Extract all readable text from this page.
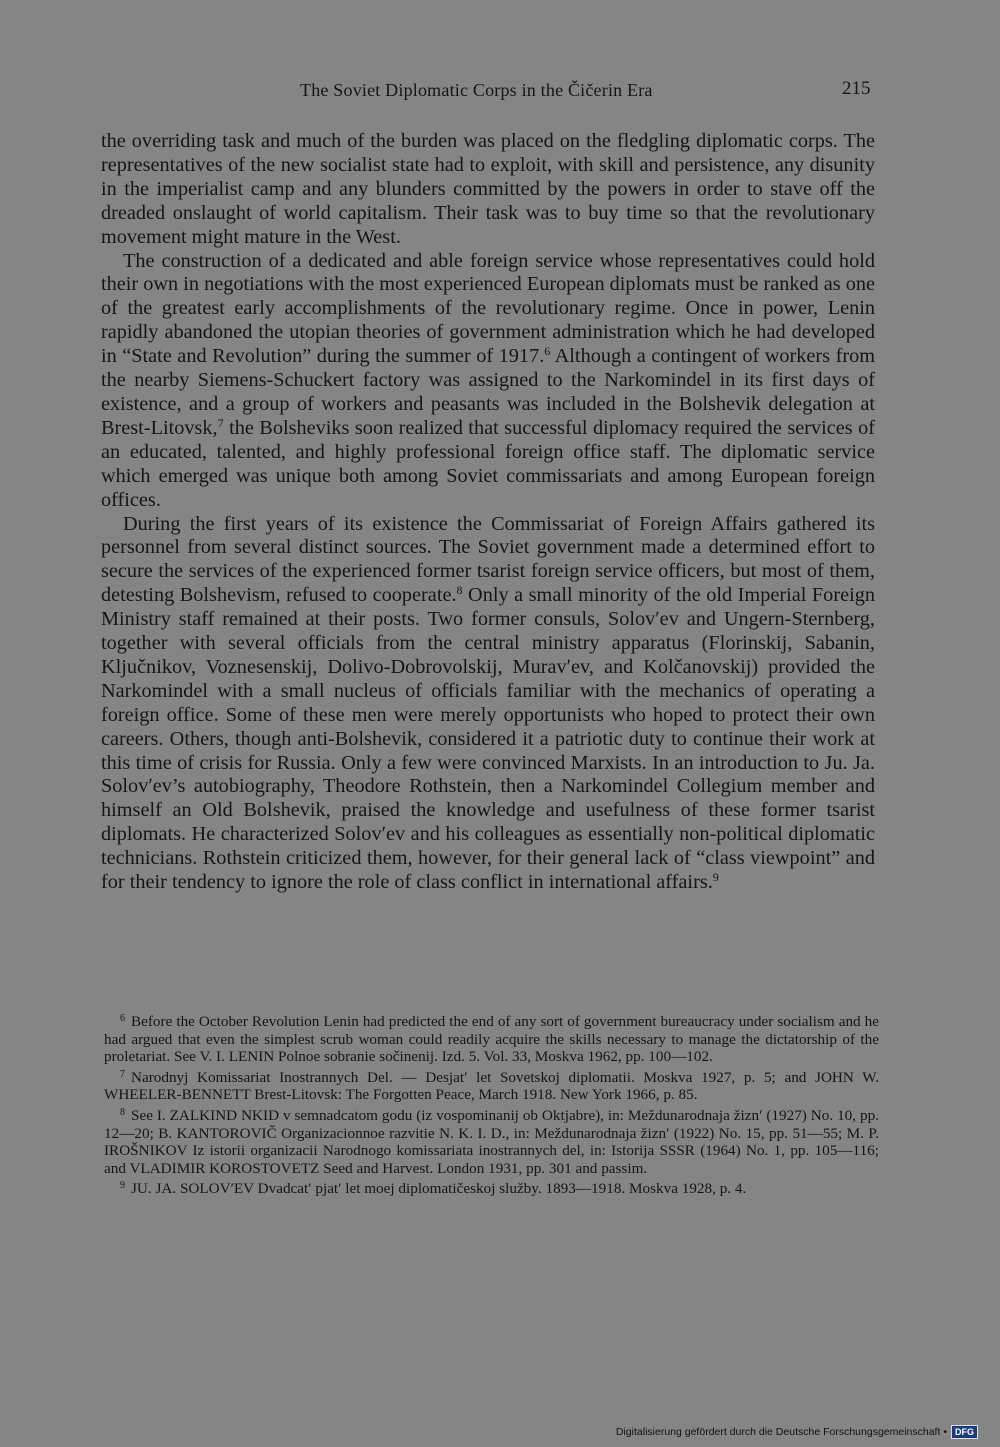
The Soviet Diplomatic Corps in the Čičerin Era	215

the overriding task and much of the burden was placed on the fledgling diplomatic corps. The representatives of the new socialist state had to exploit, with skill and persistence, any disunity in the imperialist camp and any blunders committed by the powers in order to stave off the dreaded onslaught of world capitalism. Their task was to buy time so that the revolutionary movement might mature in the West.

The construction of a dedicated and able foreign service whose representatives could hold their own in negotiations with the most experienced European diplomats must be ranked as one of the greatest early accomplishments of the revolutionary regime. Once in power, Lenin rapidly abandoned the utopian theories of government administration which he had developed in “State and Revolution” during the summer of 1917.$^6$ Although a contingent of workers from the nearby Siemens-Schuckert factory was assigned to the Narkomindel in its first days of existence, and a group of workers and peasants was included in the Bolshevik delegation at Brest-Litovsk,$^7$ the Bolsheviks soon realized that successful diplomacy required the services of an educated, talented, and highly professional foreign office staff. The diplomatic service which emerged was unique both among Soviet commissariats and among European foreign offices.

During the first years of its existence the Commissariat of Foreign Affairs gathered its personnel from several distinct sources. The Soviet government made a determined effort to secure the services of the experienced former tsarist foreign service officers, but most of them, detesting Bolshevism, refused to cooperate.$^8$ Only a small minority of the old Imperial Foreign Ministry staff remained at their posts. Two former consuls, Solovʹev and Ungern-Sternberg, together with several officials from the central ministry apparatus (Florinskij, Sabanin, Ključnikov, Voznesenskij, Dolivo-Dobrovolskij, Muravʹev, and Kolčanovskij) provided the Narkomindel with a small nucleus of officials familiar with the mechanics of operating a foreign office. Some of these men were merely opportunists who hoped to protect their own careers. Others, though anti-Bolshevik, considered it a patriotic duty to continue their work at this time of crisis for Russia. Only a few were convinced Marxists. In an introduction to Ju. Ja. Solovʹev’s autobiography, Theodore Rothstein, then a Narkomindel Collegium member and himself an Old Bolshevik, praised the knowledge and usefulness of these former tsarist diplomats. He characterized Solovʹev and his colleagues as essentially non-political diplomatic technicians. Rothstein criticized them, however, for their general lack of “class viewpoint” and for their tendency to ignore the role of class conflict in international affairs.$^9$

$^6$ Before the October Revolution Lenin had predicted the end of any sort of government bureaucracy under socialism and he had argued that even the simplest scrub woman could readily acquire the skills necessary to manage the dictatorship of the proletariat. See V. I. LENIN Polnoe sobranie sočinenij. Izd. 5. Vol. 33, Moskva 1962, pp. 100—102.

$^7$ Narodnyj Komissariat Inostrannych Del. — Desjatʹ let Sovetskoj diplomatii. Moskva 1927, p. 5; and JOHN W. WHEELER-BENNETT Brest-Litovsk: The Forgotten Peace, March 1918. New York 1966, p. 85.

$^8$ See I. ZALKIND NKID v semnadcatom godu (iz vospominanij ob Oktjabre), in: Meždunarodnaja žiznʹ (1927) No. 10, pp. 12—20; B. KANTOROVIČ Organizacionnoe razvitie N. K. I. D., in: Meždunarodnaja žiznʹ (1922) No. 15, pp. 51—55; M. P. IROŠNIKOV Iz istorii organizacii Narodnogo komissariata inostrannych del, in: Istorija SSSR (1964) No. 1, pp. 105—116; and VLADIMIR KOROSTOVETZ Seed and Harvest. London 1931, pp. 301 and passim.

$^9$ JU. JA. SOLOVʹEV Dvadcatʹ pjatʹ let moej diplomatičeskoj služby. 1893—1918. Moskva 1928, p. 4.

Digitalisierung gefördert durch die Deutsche Forschungsgemeinschaft • DFG
